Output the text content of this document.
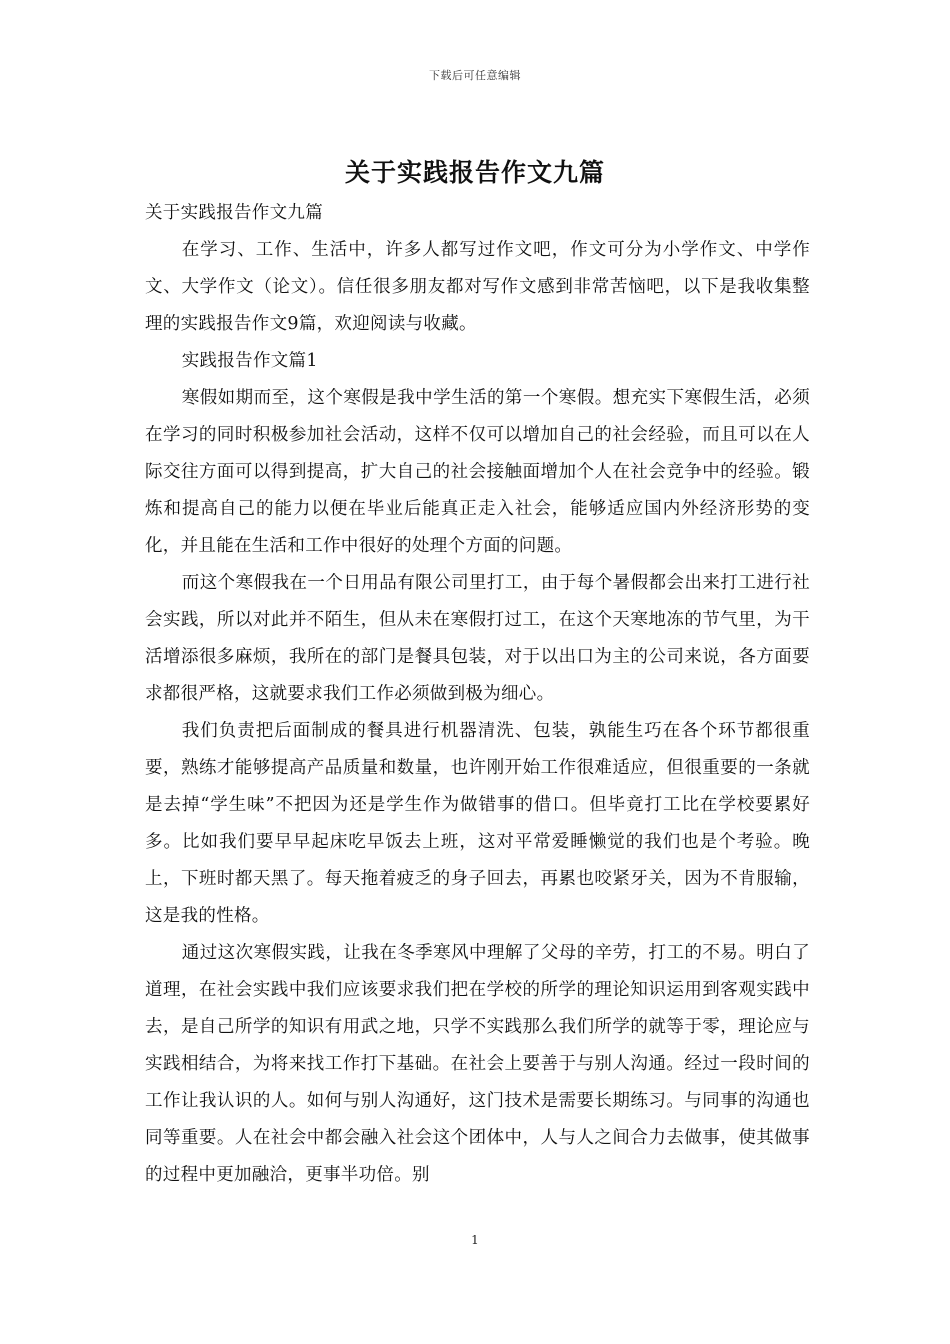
下载后可任意编辑
关于实践报告作文九篇

关于实践报告作文九篇

在学习、工作、生活中，许多人都写过作文吧，作文可分为小学作文、中学作文、大学作文（论文）。信任很多朋友都对写作文感到非常苦恼吧，以下是我收集整理的实践报告作文9篇，欢迎阅读与收藏。

实践报告作文篇1

寒假如期而至，这个寒假是我中学生活的第一个寒假。想充实下寒假生活，必须在学习的同时积极参加社会活动，这样不仅可以增加自己的社会经验，而且可以在人际交往方面可以得到提高，扩大自己的社会接触面增加个人在社会竞争中的经验。锻炼和提高自己的能力以便在毕业后能真正走入社会，能够适应国内外经济形势的变化，并且能在生活和工作中很好的处理个方面的问题。

而这个寒假我在一个日用品有限公司里打工，由于每个暑假都会出来打工进行社会实践，所以对此并不陌生，但从未在寒假打过工，在这个天寒地冻的节气里，为干活增添很多麻烦，我所在的部门是餐具包装，对于以出口为主的公司来说，各方面要求都很严格，这就要求我们工作必须做到极为细心。

我们负责把后面制成的餐具进行机器清洗、包装，孰能生巧在各个环节都很重要，熟练才能够提高产品质量和数量，也许刚开始工作很难适应，但很重要的一条就是去掉“学生味”不把因为还是学生作为做错事的借口。但毕竟打工比在学校要累好多。比如我们要早早起床吃早饭去上班，这对平常爱睡懒觉的我们也是个考验。晚上，下班时都天黑了。每天拖着疲乏的身子回去，再累也咬紧牙关，因为不肯服输，这是我的性格。

通过这次寒假实践，让我在冬季寒风中理解了父母的辛劳，打工的不易。明白了道理，在社会实践中我们应该要求我们把在学校的所学的理论知识运用到客观实践中去，是自己所学的知识有用武之地，只学不实践那么我们所学的就等于零，理论应与实践相结合，为将来找工作打下基础。在社会上要善于与别人沟通。经过一段时间的工作让我认识的人。如何与别人沟通好，这门技术是需要长期练习。与同事的沟通也同等重要。人在社会中都会融入社会这个团体中，人与人之间合力去做事，使其做事的过程中更加融洽，更事半功倍。别

1
